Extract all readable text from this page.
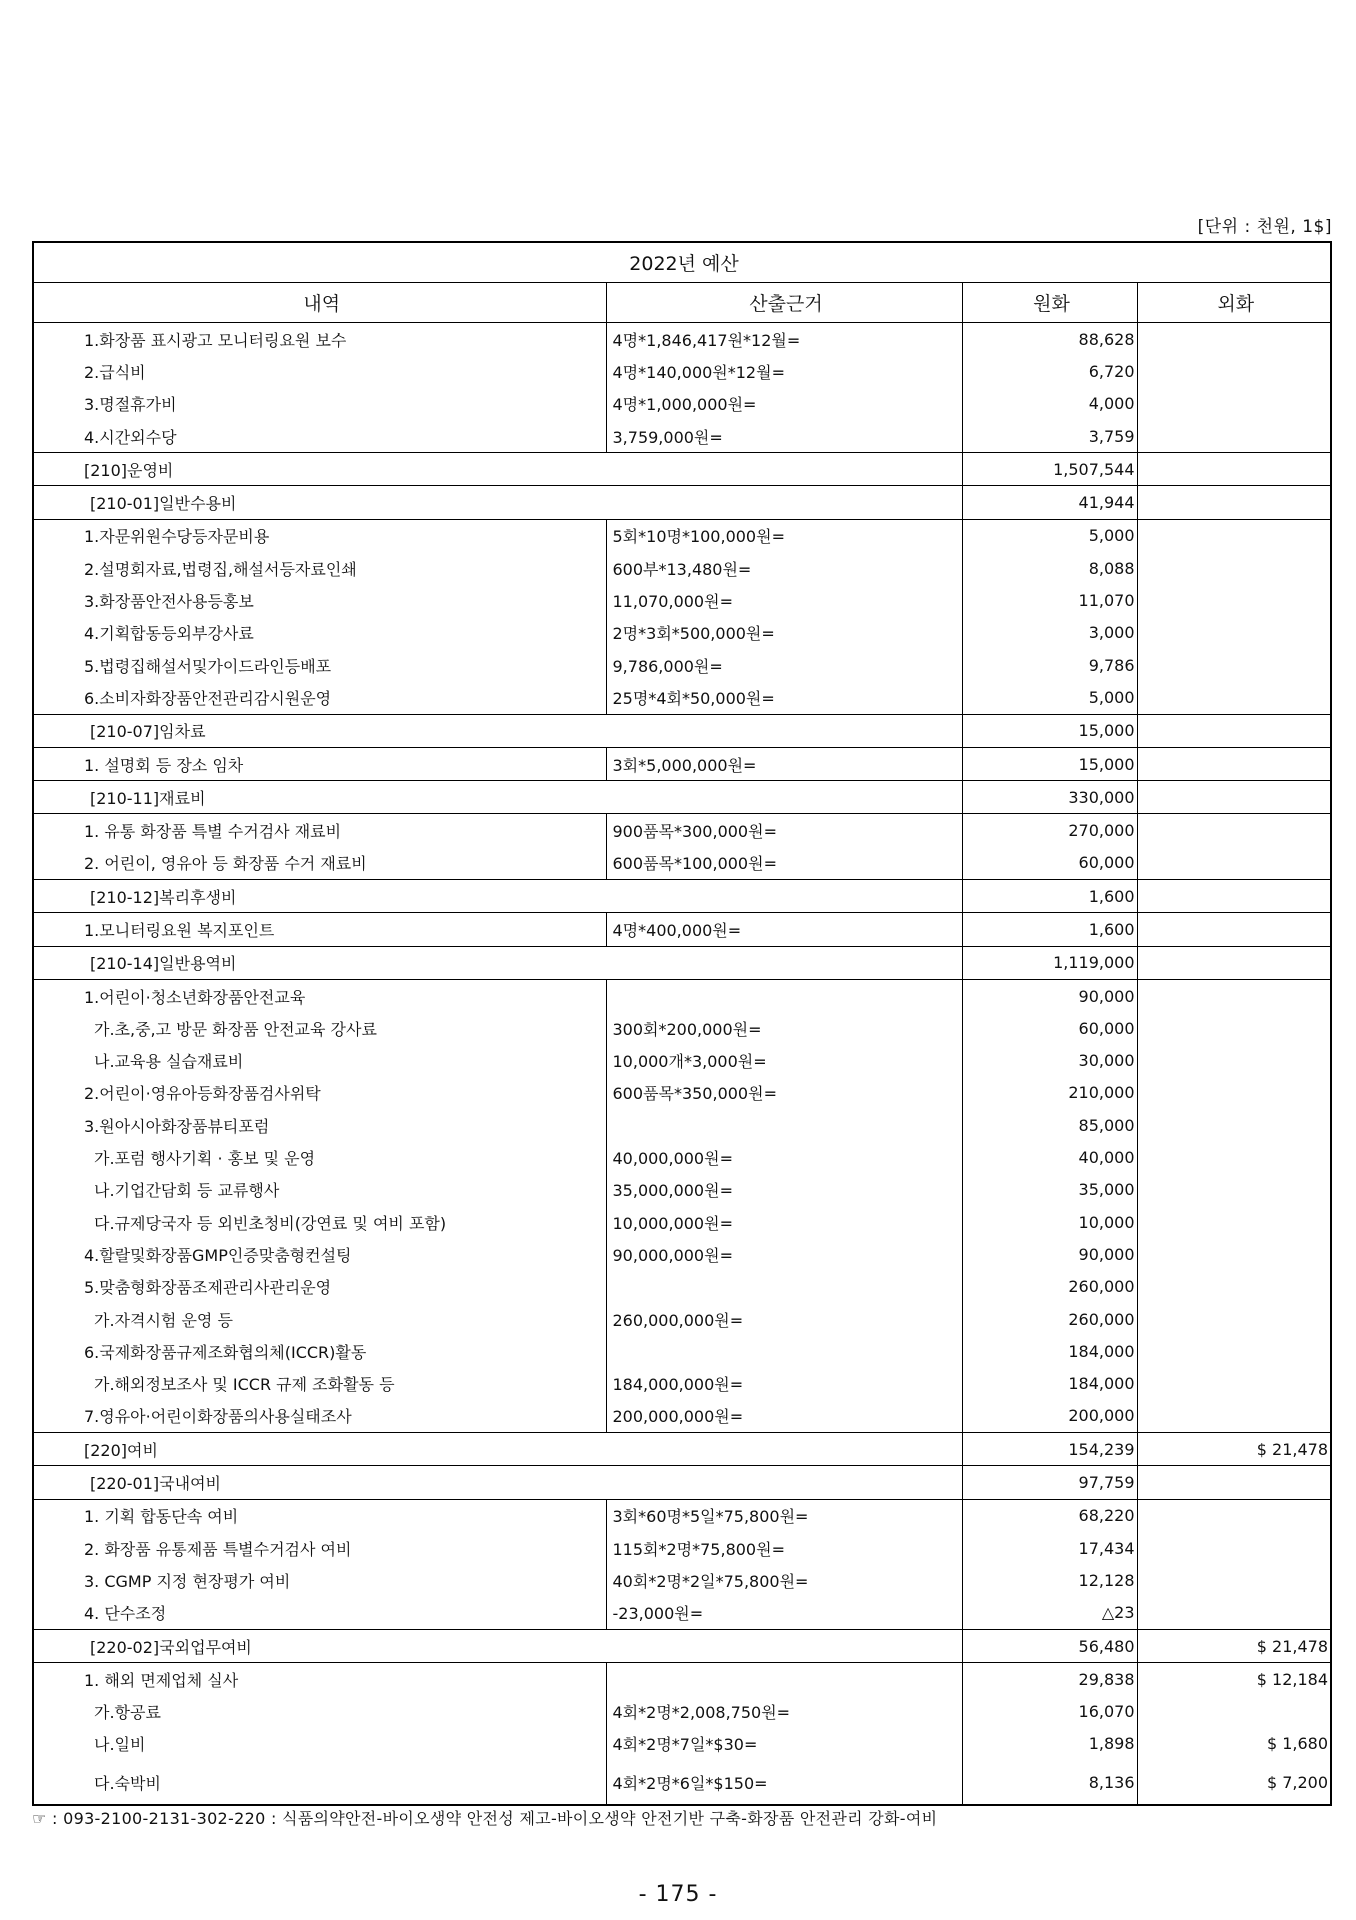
[단위 : 천원, 1$]
2022년 예산			
내역	산출근거	원화	외화
1.화장품 표시광고 모니터링요원 보수	4명*1,846,417원*12월=	88,628	
2.급식비	4명*140,000원*12월=	6,720	
3.명절휴가비	4명*1,000,000원=	4,000	
4.시간외수당	3,759,000원=	3,759	
[210]운영비		1,507,544	
[210-01]일반수용비		41,944	
1.자문위원수당등자문비용	5회*10명*100,000원=	5,000	
2.설명회자료,법령집,해설서등자료인쇄	600부*13,480원=	8,088	
3.화장품안전사용등홍보	11,070,000원=	11,070	
4.기획합동등외부강사료	2명*3회*500,000원=	3,000	
5.법령집해설서및가이드라인등배포	9,786,000원=	9,786	
6.소비자화장품안전관리감시원운영	25명*4회*50,000원=	5,000	
[210-07]임차료		15,000	
1. 설명회 등 장소 임차	3회*5,000,000원=	15,000	
[210-11]재료비		330,000	
1. 유통 화장품 특별 수거검사 재료비	900품목*300,000원=	270,000	
2. 어린이, 영유아 등 화장품 수거 재료비	600품목*100,000원=	60,000	
[210-12]복리후생비		1,600	
1.모니터링요원 복지포인트	4명*400,000원=	1,600	
[210-14]일반용역비		1,119,000	
1.어린이·청소년화장품안전교육		90,000	
가.초,중,고 방문 화장품 안전교육 강사료	300회*200,000원=	60,000	
나.교육용 실습재료비	10,000개*3,000원=	30,000	
2.어린이·영유아등화장품검사위탁	600품목*350,000원=	210,000	
3.원아시아화장품뷰티포럼		85,000	
가.포럼 행사기획 · 홍보 및 운영	40,000,000원=	40,000	
나.기업간담회 등 교류행사	35,000,000원=	35,000	
다.규제당국자 등 외빈초청비(강연료 및 여비 포함)	10,000,000원=	10,000	
4.할랄및화장품GMP인증맞춤형컨설팅	90,000,000원=	90,000	
5.맞춤형화장품조제관리사관리운영		260,000	
가.자격시험 운영 등	260,000,000원=	260,000	
6.국제화장품규제조화협의체(ICCR)활동		184,000	
가.해외정보조사 및 ICCR 규제 조화활동 등	184,000,000원=	184,000	
7.영유아·어린이화장품의사용실태조사	200,000,000원=	200,000	
[220]여비		154,239	$ 21,478
[220-01]국내여비		97,759	
1. 기획 합동단속 여비	3회*60명*5일*75,800원=	68,220	
2. 화장품 유통제품 특별수거검사 여비	115회*2명*75,800원=	17,434	
3. CGMP 지정 현장평가 여비	40회*2명*2일*75,800원=	12,128	
4. 단수조정	-23,000원=	△23	
[220-02]국외업무여비		56,480	$ 21,478
1. 해외 면제업체 실사		29,838	$ 12,184
가.항공료	4회*2명*2,008,750원=	16,070	
나.일비	4회*2명*7일*$30=	1,898	$ 1,680
다.숙박비	4회*2명*6일*$150=	8,136	$ 7,200
☞ : 093-2100-2131-302-220 : 식품의약안전-바이오생약 안전성 제고-바이오생약 안전기반 구축-화장품 안전관리 강화-여비
- 175 -
